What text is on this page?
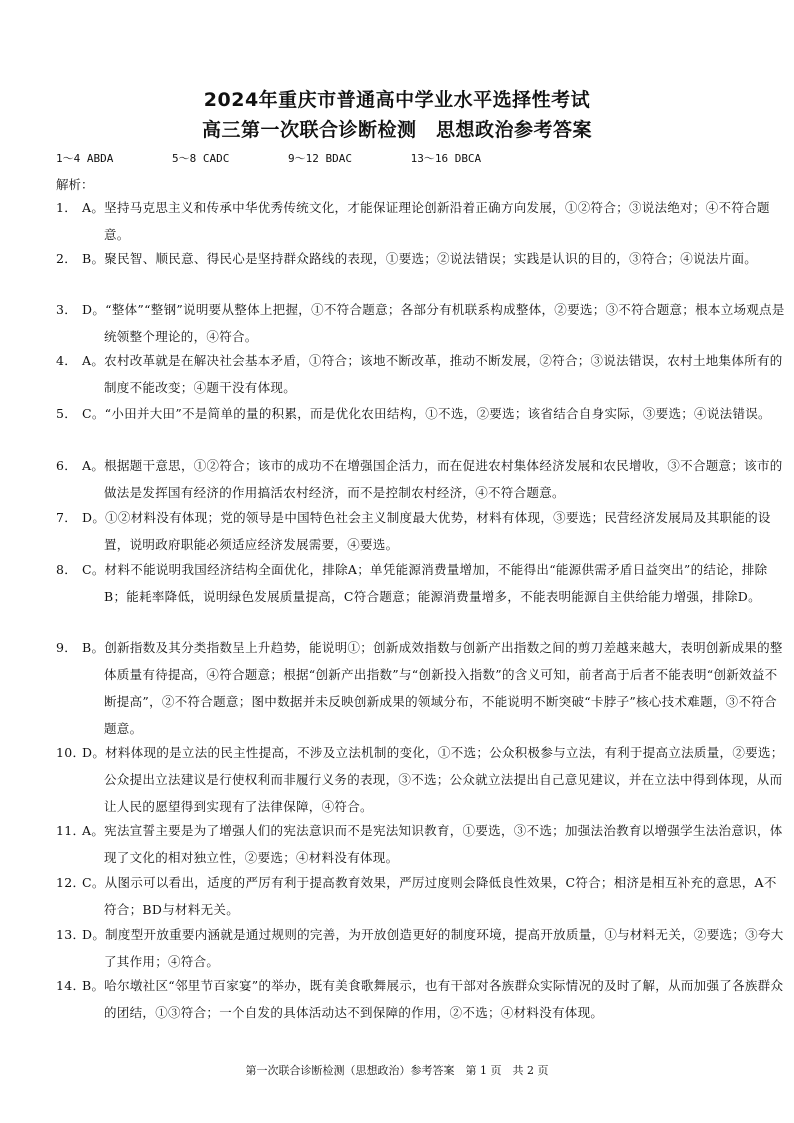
2024年重庆市普通高中学业水平选择性考试
高三第一次联合诊断检测　思想政治参考答案
1～4 ABDA	5～8 CADC	9～12 BDAC	13～16 DBCA
解析：
1． A。坚持马克思主义和传承中华优秀传统文化，才能保证理论创新沿着正确方向发展，①②符合；③说法绝对；④不符合题意。
2． B。聚民智、顺民意、得民心是坚持群众路线的表现，①要选；②说法错误；实践是认识的目的，③符合；④说法片面。
3． D。“整体”“整钢”说明要从整体上把握，①不符合题意；各部分有机联系构成整体，②要选；③不符合题意；根本立场观点是统领整个理论的，④符合。
4． A。农村改革就是在解决社会基本矛盾，①符合；该地不断改革，推动不断发展，②符合；③说法错误，农村土地集体所有的制度不能改变；④题干没有体现。
5． C。“小田并大田”不是简单的量的积累，而是优化农田结构，①不选，②要选；该省结合自身实际，③要选；④说法错误。
6． A。根据题干意思，①②符合；该市的成功不在增强国企活力，而在促进农村集体经济发展和农民增收，③不合题意；该市的做法是发挥国有经济的作用搞活农村经济，而不是控制农村经济，④不符合题意。
7． D。①②材料没有体现；党的领导是中国特色社会主义制度最大优势，材料有体现，③要选；民营经济发展局及其职能的设置，说明政府职能必须适应经济发展需要，④要选。
8． C。材料不能说明我国经济结构全面优化，排除A；单凭能源消费量增加，不能得出“能源供需矛盾日益突出”的结论，排除B；能耗率降低，说明绿色发展质量提高，C符合题意；能源消费量增多，不能表明能源自主供给能力增强，排除D。
9． B。创新指数及其分类指数呈上升趋势，能说明①；创新成效指数与创新产出指数之间的剪刀差越来越大，表明创新成果的整体质量有待提高，④符合题意；根据“创新产出指数”与“创新投入指数”的含义可知，前者高于后者不能表明“创新效益不断提高”，②不符合题意；图中数据并未反映创新成果的领域分布，不能说明不断突破“卡脖子”核心技术难题，③不符合题意。
10．D。材料体现的是立法的民主性提高，不涉及立法机制的变化，①不选；公众积极参与立法，有利于提高立法质量，②要选；公众提出立法建议是行使权利而非履行义务的表现，③不选；公众就立法提出自己意见建议，并在立法中得到体现，从而让人民的愿望得到实现有了法律保障，④符合。
11．A。宪法宣誓主要是为了增强人们的宪法意识而不是宪法知识教育，①要选，③不选；加强法治教育以增强学生法治意识，体现了文化的相对独立性，②要选；④材料没有体现。
12．C。从图示可以看出，适度的严厉有利于提高教育效果，严厉过度则会降低良性效果，C符合；相济是相互补充的意思，A不符合；BD与材料无关。
13．D。制度型开放重要内涵就是通过规则的完善，为开放创造更好的制度环境，提高开放质量，①与材料无关，②要选；③夸大了其作用；④符合。
14．B。哈尔墩社区“邻里节百家宴”的举办，既有美食歌舞展示，也有干部对各族群众实际情况的及时了解，从而加强了各族群众的团结，①③符合；一个自发的具体活动达不到保障的作用，②不选；④材料没有体现。
第一次联合诊断检测（思想政治）参考答案　第 1 页　共 2 页
